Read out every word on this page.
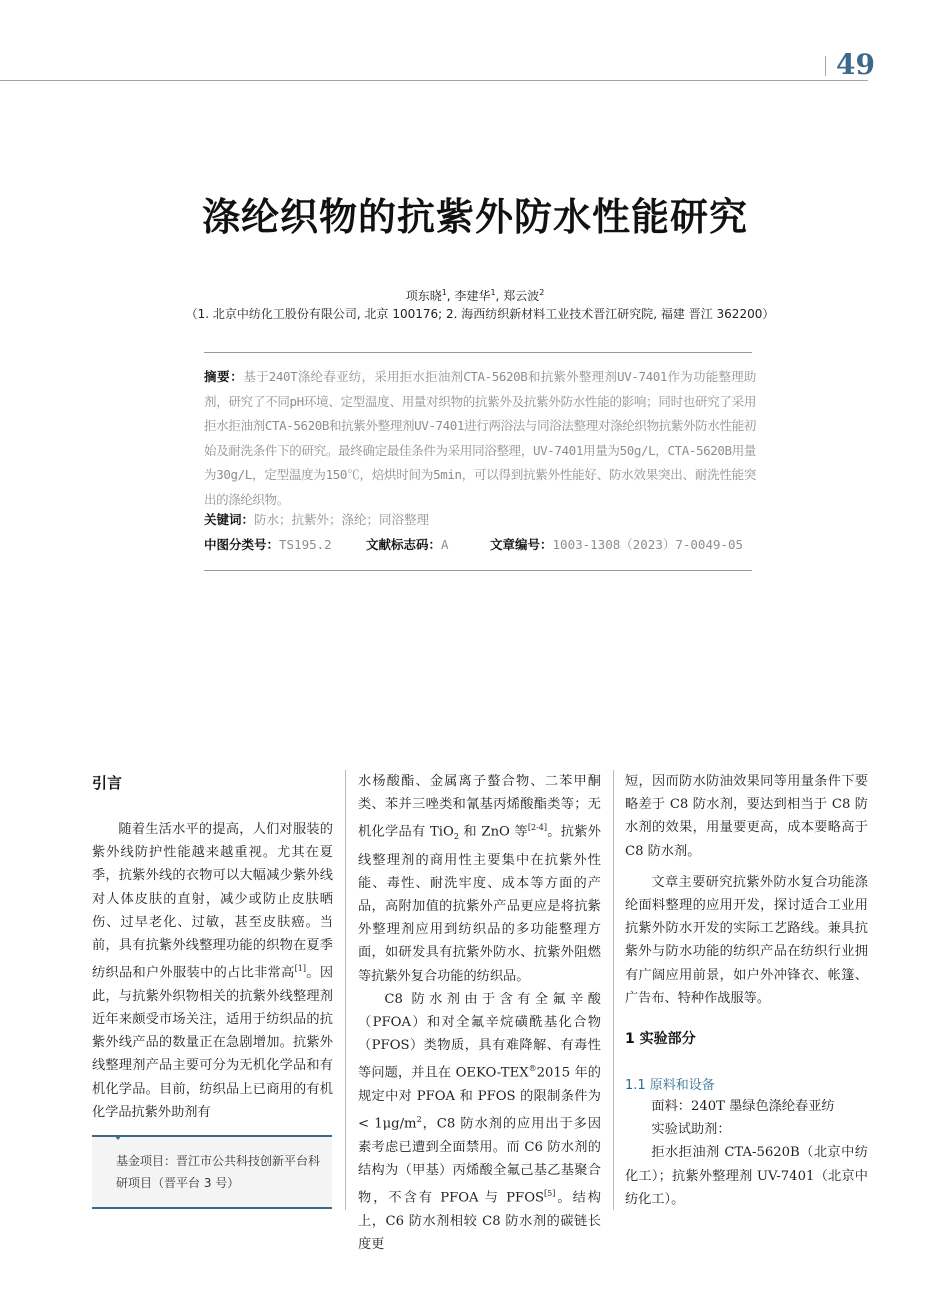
49
涤纶织物的抗紫外防水性能研究
项东晓$^1$, 李建华$^1$, 郑云波$^2$
（1. 北京中纺化工股份有限公司, 北京 100176; 2. 海西纺织新材料工业技术晋江研究院, 福建 晋江 362200）
摘要：基于240T涤纶春亚纺，采用拒水拒油剂CTA-5620B和抗紫外整理剂UV-7401作为功能整理助剂，研究了不同pH环境、定型温度、用量对织物的抗紫外及抗紫外防水性能的影响；同时也研究了采用拒水拒油剂CTA-5620B和抗紫外整理剂UV-7401进行两浴法与同浴法整理对涤纶织物抗紫外防水性能初始及耐洗条件下的研究。最终确定最佳条件为采用同浴整理，UV-7401用量为50g/L，CTA-5620B用量为30g/L，定型温度为150℃，焙烘时间为5min，可以得到抗紫外性能好、防水效果突出、耐洗性能突出的涤纶织物。
关键词：防水；抗紫外；涤纶；同浴整理
中图分类号：TS195.2	文献标志码：A	文章编号：1003-1308（2023）7-0049-05
引言

随着生活水平的提高，人们对服装的紫外线防护性能越来越重视。尤其在夏季，抗紫外线的衣物可以大幅减少紫外线对人体皮肤的直射，减少或防止皮肤晒伤、过早老化、过敏，甚至皮肤癌。当前，具有抗紫外线整理功能的织物在夏季纺织品和户外服装中的占比非常高[1]。因此，与抗紫外织物相关的抗紫外线整理剂近年来颇受市场关注，适用于纺织品的抗紫外线产品的数量正在急剧增加。抗紫外线整理剂产品主要可分为无机化学品和有机化学品。目前，纺织品上已商用的有机化学品抗紫外助剂有

基金项目：晋江市公共科技创新平台科研项目（晋平台 3 号）

水杨酸酯、金属离子螯合物、二苯甲酮类、苯并三唑类和氰基丙烯酸酯类等；无机化学品有 TiO$_2$ 和 ZnO 等[2-4]。抗紫外线整理剂的商用性主要集中在抗紫外性能、毒性、耐洗牢度、成本等方面的产品，高附加值的抗紫外产品更应是将抗紫外整理剂应用到纺织品的多功能整理方面，如研发具有抗紫外防水、抗紫外阻燃等抗紫外复合功能的纺织品。

C8 防水剂由于含有全氟辛酸（PFOA）和对全氟辛烷磺酰基化合物（PFOS）类物质，具有难降解、有毒性等问题，并且在 OEKO-TEX®2015 年的规定中对 PFOA 和 PFOS 的限制条件为 < 1μg/m$^2$，C8 防水剂的应用出于多因素考虑已遭到全面禁用。而 C6 防水剂的结构为（甲基）丙烯酸全氟己基乙基聚合物，不含有 PFOA 与 PFOS[5]。结构上，C6 防水剂相较 C8 防水剂的碳链长度更

短，因而防水防油效果同等用量条件下要略差于 C8 防水剂，要达到相当于 C8 防水剂的效果，用量要更高，成本要略高于 C8 防水剂。

文章主要研究抗紫外防水复合功能涤纶面料整理的应用开发，探讨适合工业用抗紫外防水开发的实际工艺路线。兼具抗紫外与防水功能的纺织产品在纺织行业拥有广阔应用前景，如户外冲锋衣、帐篷、广告布、特种作战服等。

1 实验部分
1.1 原料和设备

面料：240T 墨绿色涤纶春亚纺

实验试助剂：

拒水拒油剂 CTA-5620B（北京中纺化工）；抗紫外整理剂 UV-7401（北京中纺化工）。
